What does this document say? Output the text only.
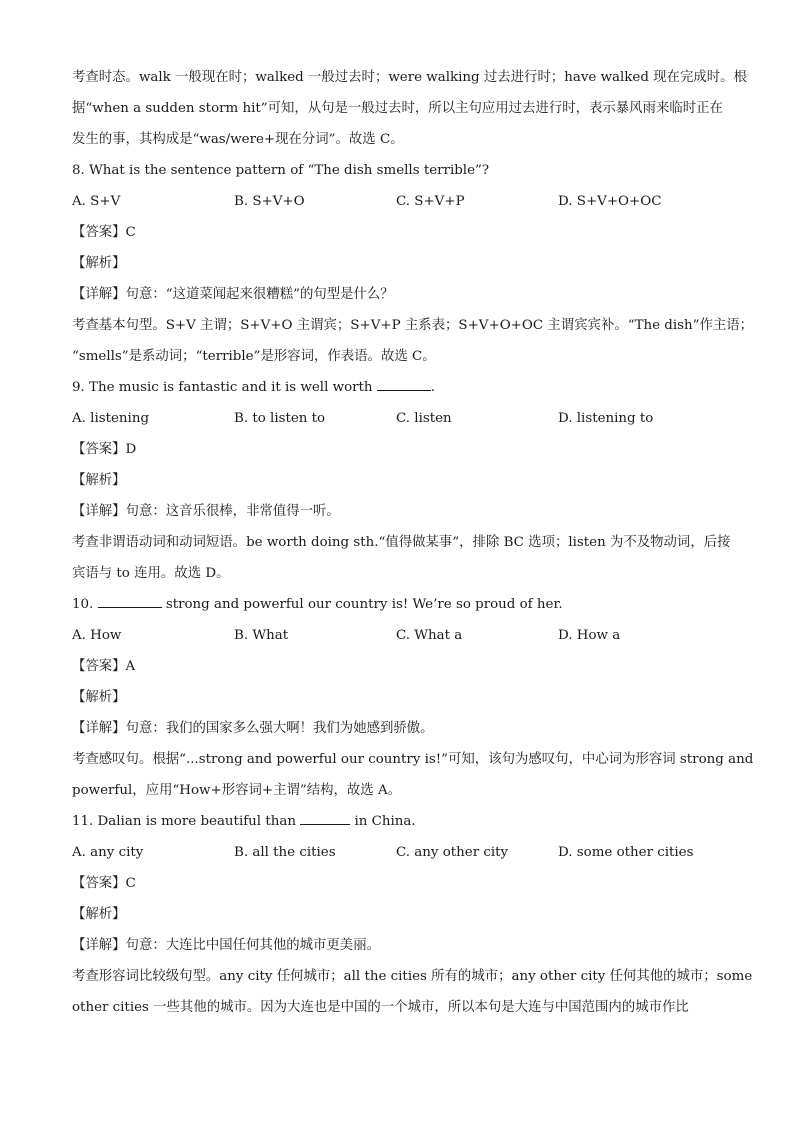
考查时态。walk 一般现在时；walked 一般过去时；were walking 过去进行时；have walked 现在完成时。根
据“when a sudden storm hit”可知，从句是一般过去时，所以主句应用过去进行时，表示暴风雨来临时正在
发生的事，其构成是“was/were+现在分词”。故选 C。
8. What is the sentence pattern of “The dish smells terrible”?
A. S+V	B. S+V+O	C. S+V+P	D. S+V+O+OC
【答案】C
【解析】
【详解】句意：“这道菜闻起来很糟糕”的句型是什么？
考查基本句型。S+V 主谓；S+V+O 主谓宾；S+V+P 主系表；S+V+O+OC 主谓宾宾补。“The dish”作主语；
“smells”是系动词；“terrible”是形容词，作表语。故选 C。
9. The music is fantastic and it is well worth	.
A. listening	B. to listen to	C. listen	D. listening to
【答案】D
【解析】
【详解】句意：这音乐很棒，非常值得一听。
考查非谓语动词和动词短语。be worth doing sth.“值得做某事”，排除 BC 选项；listen 为不及物动词，后接
宾语与 to 连用。故选 D。
10.	strong and powerful our country is! We’re so proud of her.
A. How	B. What	C. What a	D. How a
【答案】A
【解析】
【详解】句意：我们的国家多么强大啊！我们为她感到骄傲。
考查感叹句。根据“...strong and powerful our country is!”可知，该句为感叹句，中心词为形容词 strong and
powerful，应用“How+形容词+主谓”结构，故选 A。
11. Dalian is more beautiful than	in China.
A. any city	B. all the cities	C. any other city	D. some other cities
【答案】C
【解析】
【详解】句意：大连比中国任何其他的城市更美丽。
考查形容词比较级句型。any city 任何城市；all the cities 所有的城市；any other city 任何其他的城市；some
other cities 一些其他的城市。因为大连也是中国的一个城市，所以本句是大连与中国范围内的城市作比
